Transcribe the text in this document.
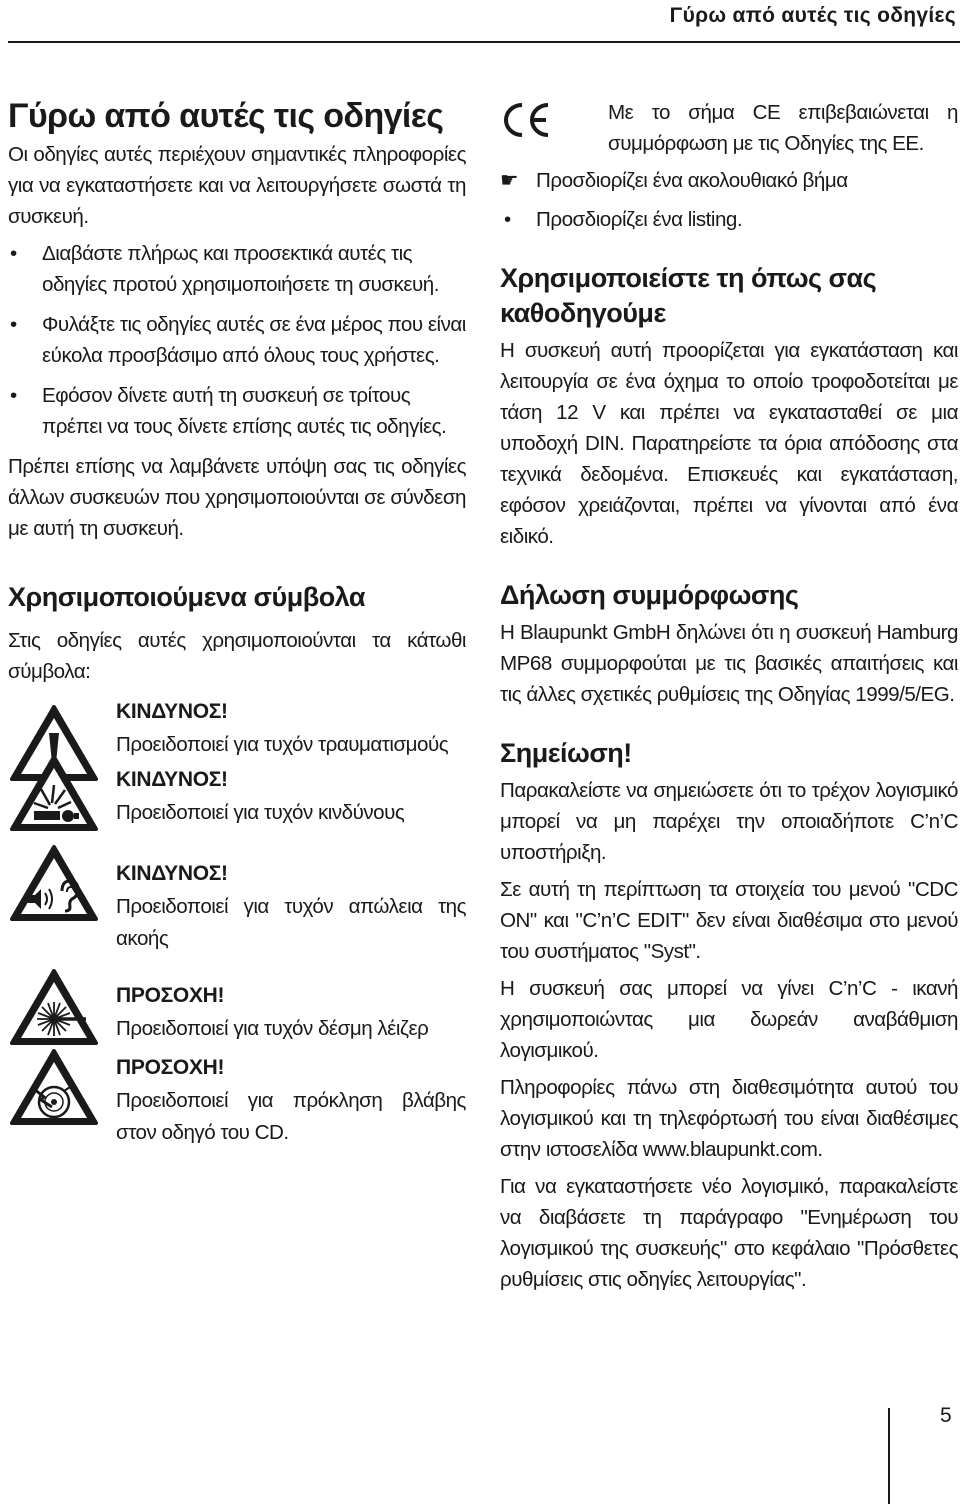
Γύρω από αυτές τις οδηγίες
Γύρω από αυτές τις οδηγίες

Οι οδηγίες αυτές περιέχουν σημαντικές πληροφορίες για να εγκαταστήσετε και να λειτουργήσετε σωστά τη συσκευή.

• Διαβάστε πλήρως και προσεκτικά αυτές τις οδηγίες προτού χρησιμοποιήσετε τη συσκευή.
• Φυλάξτε τις οδηγίες αυτές σε ένα μέρος που είναι εύκολα προσβάσιμο από όλους τους χρήστες.
• Εφόσον δίνετε αυτή τη συσκευή σε τρίτους πρέπει να τους δίνετε επίσης αυτές τις οδηγίες.

Πρέπει επίσης να λαμβάνετε υπόψη σας τις οδηγίες άλλων συσκευών που χρησιμοποιούνται σε σύνδεση με αυτή τη συσκευή.

Χρησιμοποιούμενα σύμβολα

Στις οδηγίες αυτές χρησιμοποιούνται τα κάτωθι σύμβολα:

ΚΙΝΔΥΝΟΣ!
Προειδοποιεί για τυχόν τραυματισμούς
ΚΙΝΔΥΝΟΣ!
Προειδοποιεί για τυχόν κινδύνους
ΚΙΝΔΥΝΟΣ!
Προειδοποιεί για τυχόν απώλεια της ακοής
ΠΡΟΣΟΧΗ!
Προειδοποιεί για τυχόν δέσμη λέιζερ
ΠΡΟΣΟΧΗ!
Προειδοποιεί για πρόκληση βλάβης στον οδηγό του CD.

Με το σήμα CE επιβεβαιώνεται η συμμόρφωση με τις Οδηγίες της ΕΕ.

☛ Προσδιορίζει ένα ακολουθιακό βήμα
• Προσδιορίζει ένα listing.
Χρησιμοποιείστε τη όπως σας καθοδηγούμε

Η συσκευή αυτή προορίζεται για εγκατάσταση και λειτουργία σε ένα όχημα το οποίο τροφοδοτείται με τάση 12 V και πρέπει να εγκατασταθεί σε μια υποδοχή DIN. Παρατηρείστε τα όρια απόδοσης στα τεχνικά δεδομένα. Επισκευές και εγκατάσταση, εφόσον χρειάζονται, πρέπει να γίνονται από ένα ειδικό.

Δήλωση συμμόρφωσης

Η Blaupunkt GmbH δηλώνει ότι η συσκευή Hamburg MP68 συμμορφούται με τις βασικές απαιτήσεις και τις άλλες σχετικές ρυθμίσεις της Οδηγίας 1999/5/EG.

Σημείωση!

Παρακαλείστε να σημειώσετε ότι το τρέχον λογισμικό μπορεί να μη παρέχει την οποιαδήποτε C’n’C υποστήριξη.

Σε αυτή τη περίπτωση τα στοιχεία του μενού "CDC ON" και "C’n’C EDIT" δεν είναι διαθέσιμα στο μενού του συστήματος "Syst".

Η συσκευή σας μπορεί να γίνει C’n’C - ικανή χρησιμοποιώντας μια δωρεάν αναβάθμιση λογισμικού.

Πληροφορίες πάνω στη διαθεσιμότητα αυτού του λογισμικού και τη τηλεφόρτωσή του είναι διαθέσιμες στην ιστοσελίδα www.blaupunkt.com.

Για να εγκαταστήσετε νέο λογισμικό, παρακαλείστε να διαβάσετε τη παράγραφο "Ενημέρωση του λογισμικού της συσκευής" στο κεφάλαιο "Πρόσθετες ρυθμίσεις στις οδηγίες λειτουργίας".

5
